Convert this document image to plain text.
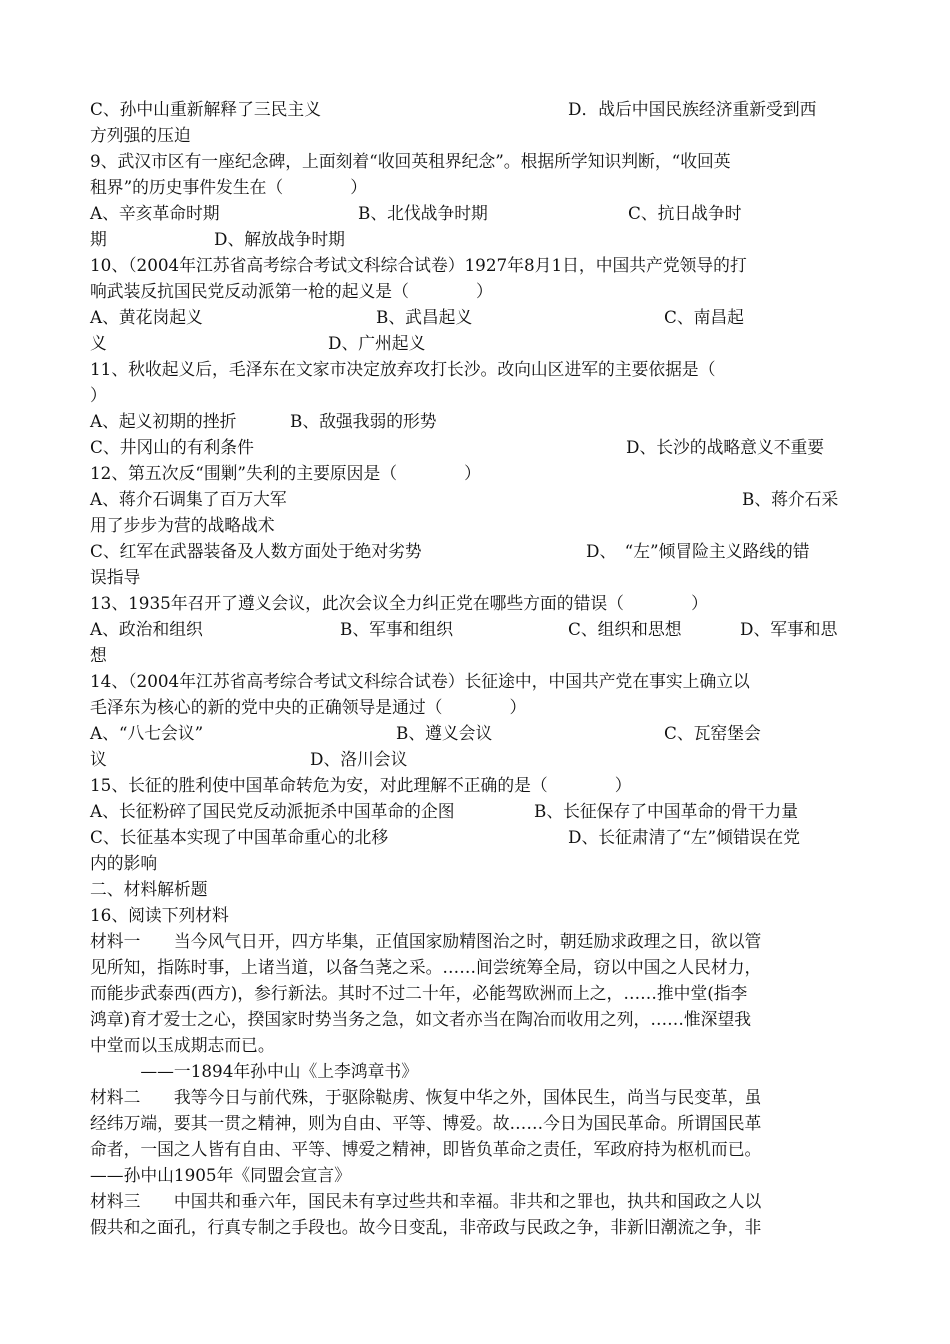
C、孙中山重新解释了三民主义	D．战后中国民族经济重新受到西
方列强的压迫
9、武汉市区有一座纪念碑，上面刻着“收回英租界纪念”。根据所学知识判断，“收回英
租界”的历史事件发生在（　　　　）
A、辛亥革命时期	B、北伐战争时期	C、抗日战争时
期	D、解放战争时期
10、（2004年江苏省高考综合考试文科综合试卷）1927年8月1日，中国共产党领导的打
响武装反抗国民党反动派第一枪的起义是（　　　　）
A、黄花岗起义	B、武昌起义	C、南昌起
义	D、广州起义
11、秋收起义后，毛泽东在文家市决定放弃攻打长沙。改向山区进军的主要依据是（
）
A、起义初期的挫折	B、敌强我弱的形势
C、井冈山的有利条件	D、长沙的战略意义不重要
12、第五次反“围剿”失利的主要原因是（　　　　）
A、蒋介石调集了百万大军	B、蒋介石采
用了步步为营的战略战术
C、红军在武器装备及人数方面处于绝对劣势	D、　“左”倾冒险主义路线的错
误指导
13、1935年召开了遵义会议，此次会议全力纠正党在哪些方面的错误（　　　　）
A、政治和组织	B、军事和组织	C、组织和思想	D、军事和思
想
14、（2004年江苏省高考综合考试文科综合试卷）长征途中，中国共产党在事实上确立以
毛泽东为核心的新的党中央的正确领导是通过（　　　　）
A、“八七会议”	B、遵义会议	C、瓦窑堡会
议	D、洛川会议
15、长征的胜利使中国革命转危为安，对此理解不正确的是（　　　　）
A、长征粉碎了国民党反动派扼杀中国革命的企图	B、长征保存了中国革命的骨干力量
C、长征基本实现了中国革命重心的北移	D、长征肃清了“左”倾错误在党
内的影响
二、材料解析题
16、阅读下列材料
材料一　　当今风气日开，四方毕集，正值国家励精图治之时，朝廷励求政理之日，欲以管
见所知，指陈时事，上诸当道，以备刍荛之采。……间尝统筹全局，窃以中国之人民材力，
而能步武泰西(西方)，参行新法。其时不过二十年，必能驾欧洲而上之，……推中堂(指李
鸿章)育才爱士之心，揆国家时势当务之急，如文者亦当在陶冶而收用之列，……惟深望我
中堂而以玉成期志而已。
　　　——一1894年孙中山《上李鸿章书》
材料二　　我等今日与前代殊，于驱除鞑虏、恢复中华之外，国体民生，尚当与民变革，虽
经纬万端，要其一贯之精神，则为自由、平等、博爱。故……今日为国民革命。所谓国民革
命者，一国之人皆有自由、平等、博爱之精神，即皆负革命之责任，军政府持为枢机而已。
——孙中山1905年《同盟会宣言》
材料三　　中国共和垂六年，国民未有享过些共和幸福。非共和之罪也，执共和国政之人以
假共和之面孔，行真专制之手段也。故今日变乱，非帝政与民政之争，非新旧潮流之争，非
